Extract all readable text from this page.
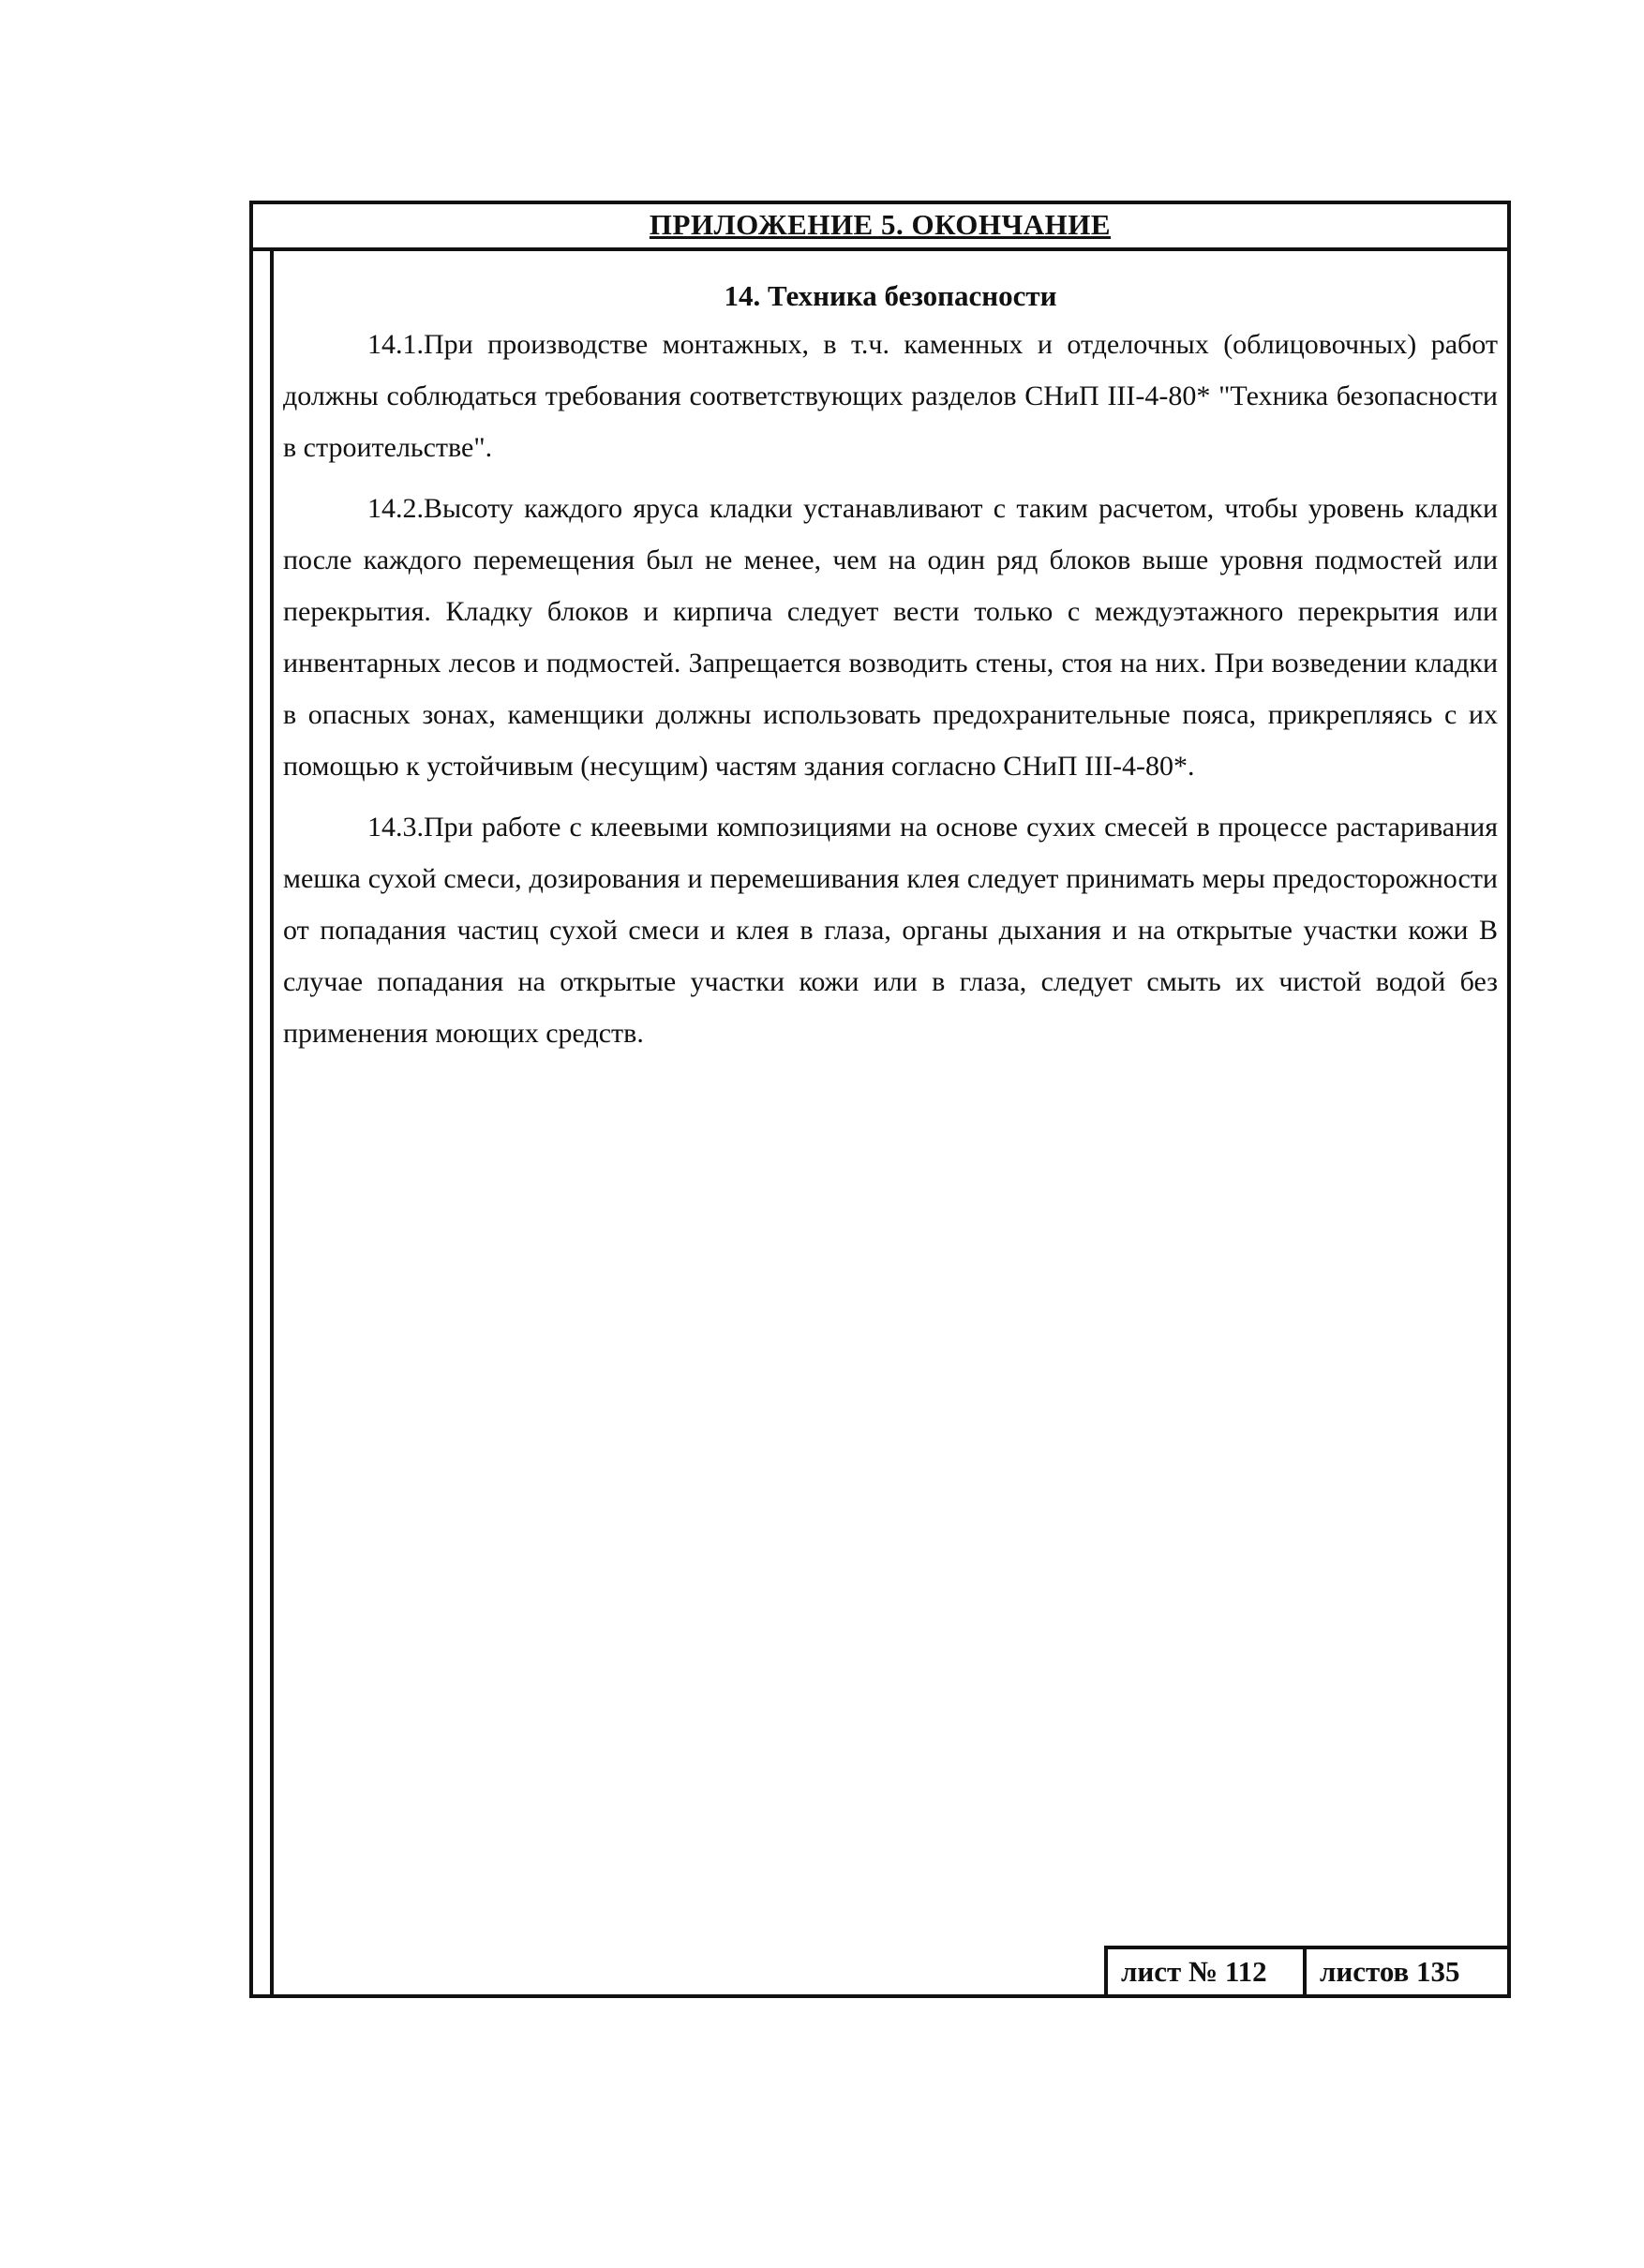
ПРИЛОЖЕНИЕ 5. ОКОНЧАНИЕ

14. Техника безопасности

14.1.При производстве монтажных, в т.ч. каменных и отделочных (облицовочных) работ должны соблюдаться требования соответствующих разделов СНиП III-4-80* "Техника безопасности в строительстве".

14.2.Высоту каждого яруса кладки устанавливают с таким расчетом, чтобы уровень кладки после каждого перемещения был не менее, чем на один ряд блоков выше уровня подмостей или перекрытия. Кладку блоков и кирпича следует вести только с междуэтажного перекрытия или инвентарных лесов и подмостей. Запрещается возводить стены, стоя на них. При возведении кладки в опасных зонах, каменщики должны использовать предохранительные пояса, прикрепляясь с их помощью к устойчивым (несущим) частям здания согласно СНиП III-4-80*.

14.3.При работе с клеевыми композициями на основе сухих смесей в процессе растаривания мешка сухой смеси, дозирования и перемешивания клея следует принимать меры предосторожности от попадания частиц сухой смеси и клея в глаза, органы дыхания и на открытые участки кожи В случае попадания на открытые участки кожи или в глаза, следует смыть их чистой водой без применения моющих средств.

лист № 112	листов 135
